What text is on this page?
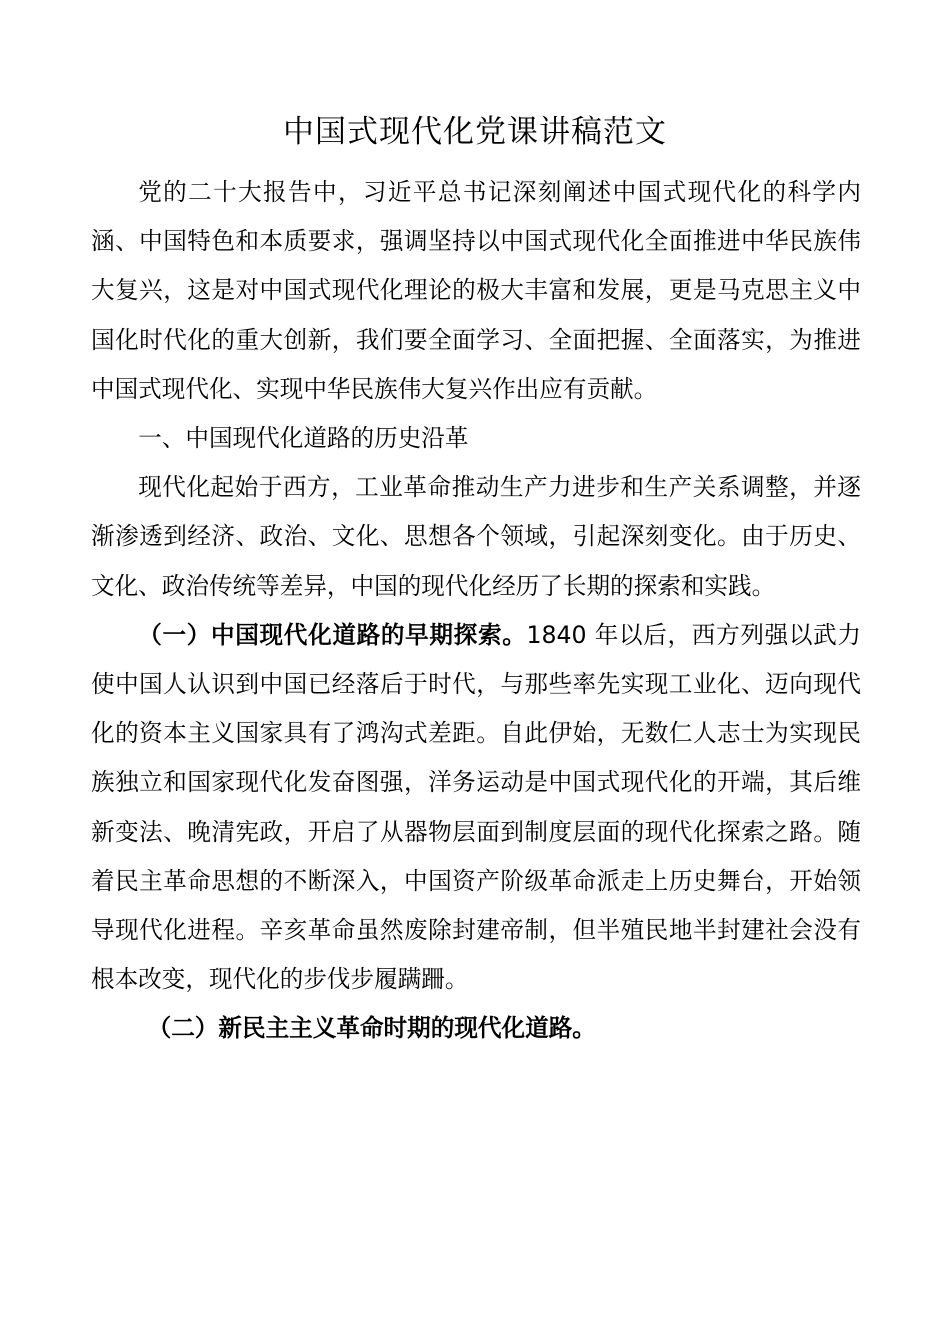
中国式现代化党课讲稿范文

党的二十大报告中，习近平总书记深刻阐述中国式现代化的科学内涵、中国特色和本质要求，强调坚持以中国式现代化全面推进中华民族伟大复兴，这是对中国式现代化理论的极大丰富和发展，更是马克思主义中国化时代化的重大创新，我们要全面学习、全面把握、全面落实，为推进中国式现代化、实现中华民族伟大复兴作出应有贡献。

一、中国现代化道路的历史沿革

现代化起始于西方，工业革命推动生产力进步和生产关系调整，并逐渐渗透到经济、政治、文化、思想各个领域，引起深刻变化。由于历史、文化、政治传统等差异，中国的现代化经历了长期的探索和实践。

（一）中国现代化道路的早期探索。1840 年以后，西方列强以武力使中国人认识到中国已经落后于时代，与那些率先实现工业化、迈向现代化的资本主义国家具有了鸿沟式差距。自此伊始，无数仁人志士为实现民族独立和国家现代化发奋图强，洋务运动是中国式现代化的开端，其后维新变法、晚清宪政，开启了从器物层面到制度层面的现代化探索之路。随着民主革命思想的不断深入，中国资产阶级革命派走上历史舞台，开始领导现代化进程。辛亥革命虽然废除封建帝制，但半殖民地半封建社会没有根本改变，现代化的步伐步履蹒跚。

（二）新民主主义革命时期的现代化道路。
